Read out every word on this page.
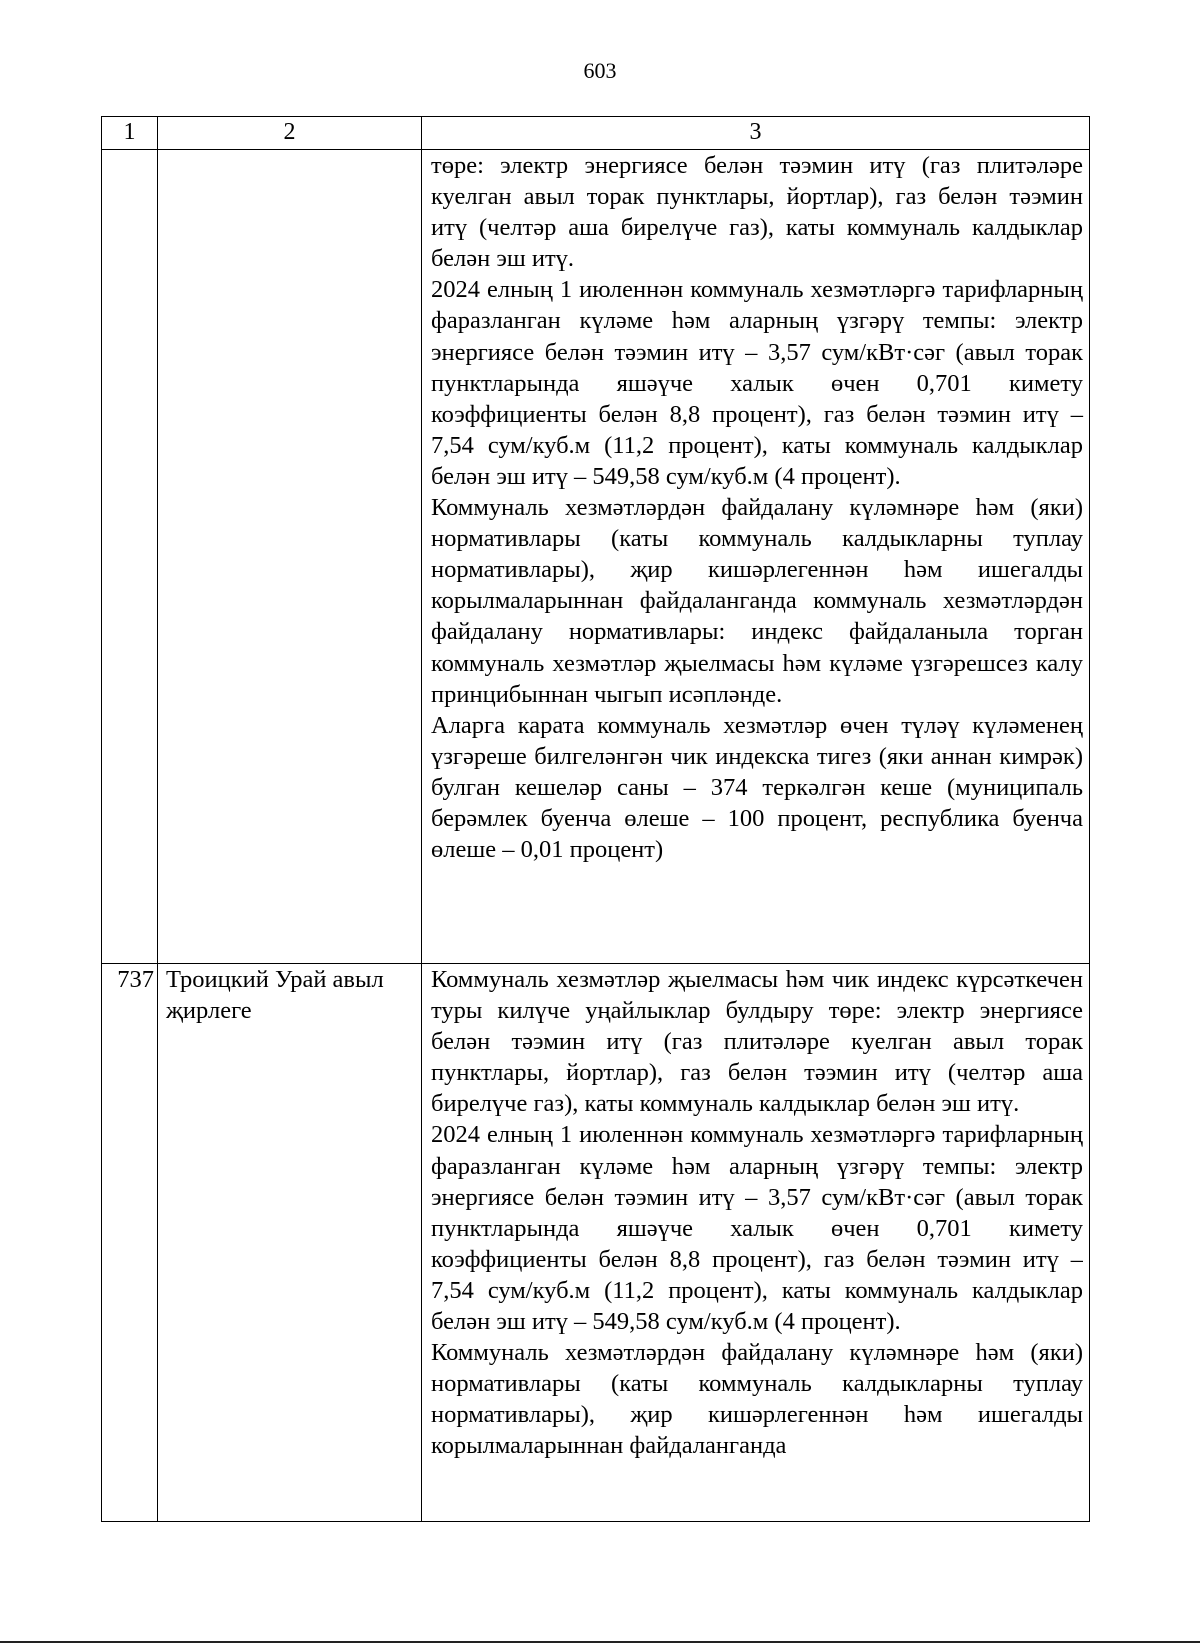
603
1	2	3

		төре: электр энергиясе белән тәэмин итү (газ плитәләре куелган авыл торак пунктлары, йортлар), газ белән тәэмин итү (челтәр аша бирелүче газ), каты коммуналь калдыклар белән эш итү.

2024 елның 1 июленнән коммуналь хезмәтләргә тарифларның фаразланган күләме һәм аларның үзгәрү темпы: электр энергиясе белән тәэмин итү – 3,57 сум/кВт·сәг (авыл торак пунктларында яшәүче халык өчен 0,701 кимету коэффициенты белән 8,8 процент), газ белән тәэмин итү – 7,54 сум/куб.м (11,2 процент), каты коммуналь калдыклар белән эш итү – 549,58 сум/куб.м (4 процент).

Коммуналь хезмәтләрдән файдалану күләмнәре һәм (яки) нормативлары (каты коммуналь калдыкларны туплау нормативлары), җир кишәрлегеннән һәм ишегалды корылмаларыннан файдаланганда коммуналь хезмәтләрдән файдалану нормативлары: индекс файдаланыла торган коммуналь хезмәтләр җыелмасы һәм күләме үзгәрешсез калу принцибыннан чыгып исәпләнде.

Аларга карата коммуналь хезмәтләр өчен түләү күләменең үзгәреше билгеләнгән чик индекска тигез (яки аннан кимрәк) булган кешеләр саны – 374 теркәлгән кеше (муниципаль берәмлек буенча өлеше – 100 процент, республика буенча өлеше – 0,01 процент)

737	Троицкий Урай авыл җирлеге	Коммуналь хезмәтләр җыелмасы һәм чик индекс күрсәткечен туры килүче уңайлыклар булдыру төре: электр энергиясе белән тәэмин итү (газ плитәләре куелган авыл торак пунктлары, йортлар), газ белән тәэмин итү (челтәр аша бирелүче газ), каты коммуналь калдыклар белән эш итү.

2024 елның 1 июленнән коммуналь хезмәтләргә тарифларның фаразланган күләме һәм аларның үзгәрү темпы: электр энергиясе белән тәэмин итү – 3,57 сум/кВт·сәг (авыл торак пунктларында яшәүче халык өчен 0,701 кимету коэффициенты белән 8,8 процент), газ белән тәэмин итү – 7,54 сум/куб.м (11,2 процент), каты коммуналь калдыклар белән эш итү – 549,58 сум/куб.м (4 процент).

Коммуналь хезмәтләрдән файдалану күләмнәре һәм (яки) нормативлары (каты коммуналь калдыкларны туплау нормативлары), җир кишәрлегеннән һәм ишегалды корылмаларыннан файдаланганда
